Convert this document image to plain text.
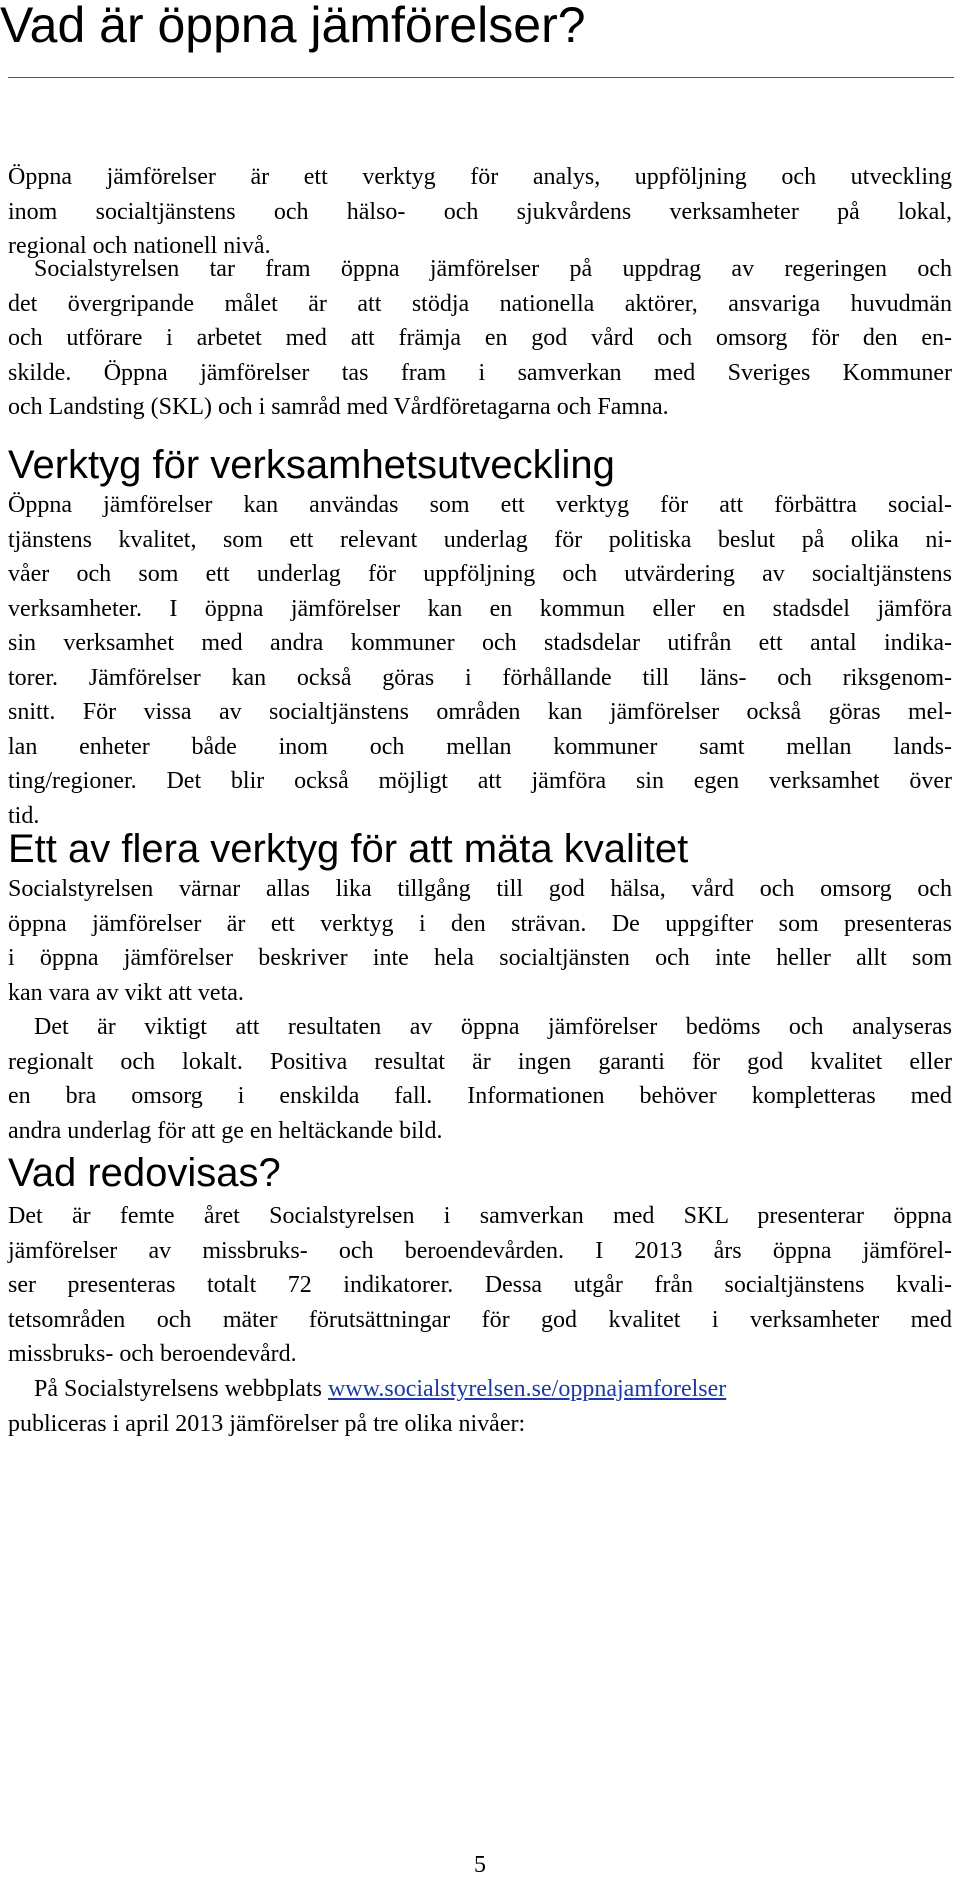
Vad är öppna jämförelser?
Öppna jämförelser är ett verktyg för analys, uppföljning och utveckling
inom socialtjänstens och hälso- och sjukvårdens verksamheter på lokal,
regional och nationell nivå.
Socialstyrelsen tar fram öppna jämförelser på uppdrag av regeringen och
det övergripande målet är att stödja nationella aktörer, ansvariga huvudmän
och utförare i arbetet med att främja en god vård och omsorg för den en-
skilde. Öppna jämförelser tas fram i samverkan med Sveriges Kommuner
och Landsting (SKL) och i samråd med Vårdföretagarna och Famna.
Verktyg för verksamhetsutveckling
Öppna jämförelser kan användas som ett verktyg för att förbättra social-
tjänstens kvalitet, som ett relevant underlag för politiska beslut på olika ni-
våer och som ett underlag för uppföljning och utvärdering av socialtjänstens
verksamheter. I öppna jämförelser kan en kommun eller en stadsdel jämföra
sin verksamhet med andra kommuner och stadsdelar utifrån ett antal indika-
torer. Jämförelser kan också göras i förhållande till läns- och riksgenom-
snitt. För vissa av socialtjänstens områden kan jämförelser också göras mel-
lan enheter både inom och mellan kommuner samt mellan lands-
ting/regioner. Det blir också möjligt att jämföra sin egen verksamhet över
tid.
Ett av flera verktyg för att mäta kvalitet
Socialstyrelsen värnar allas lika tillgång till god hälsa, vård och omsorg och
öppna jämförelser är ett verktyg i den strävan. De uppgifter som presenteras
i öppna jämförelser beskriver inte hela socialtjänsten och inte heller allt som
kan vara av vikt att veta.
Det är viktigt att resultaten av öppna jämförelser bedöms och analyseras
regionalt och lokalt. Positiva resultat är ingen garanti för god kvalitet eller
en bra omsorg i enskilda fall. Informationen behöver kompletteras med
andra underlag för att ge en heltäckande bild.
Vad redovisas?
Det är femte året Socialstyrelsen i samverkan med SKL presenterar öppna
jämförelser av missbruks- och beroendevården. I 2013 års öppna jämförel-
ser presenteras totalt 72 indikatorer. Dessa utgår från socialtjänstens kvali-
tetsområden och mäter förutsättningar för god kvalitet i verksamheter med
missbruks- och beroendevård.
På Socialstyrelsens webbplats www.socialstyrelsen.se/oppnajamforelser
publiceras i april 2013 jämförelser på tre olika nivåer:
5
